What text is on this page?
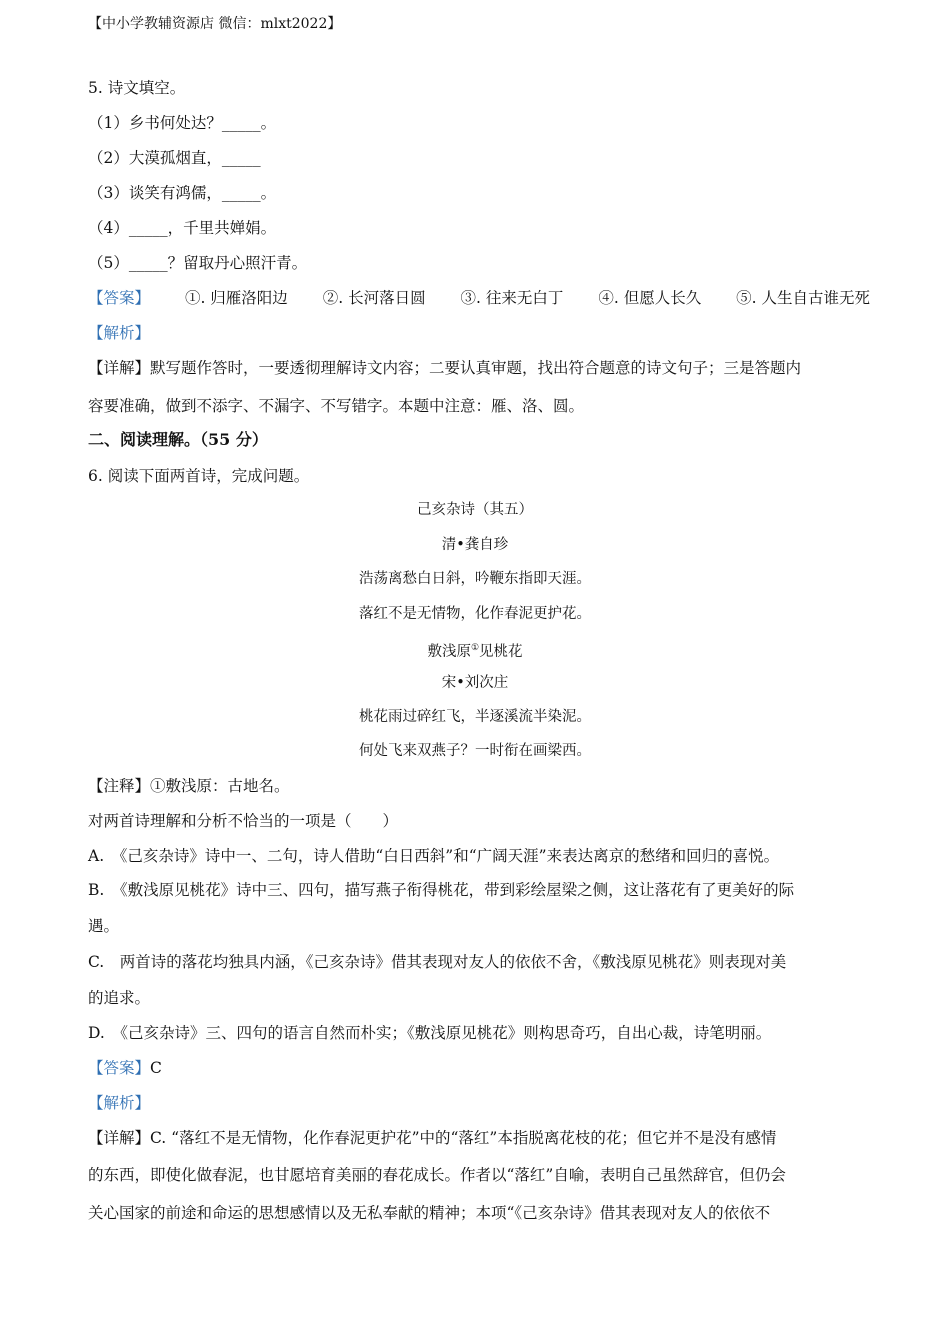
【中小学教辅资源店 微信：mlxt2022】
5. 诗文填空。
（1）乡书何处达？_____。
（2）大漠孤烟直，_____
（3）谈笑有鸿儒，_____。
（4）_____，千里共婵娟。
（5）_____？留取丹心照汗青。
【答案】 ①. 归雁洛阳边 ②. 长河落日圆 ③. 往来无白丁 ④. 但愿人长久 ⑤. 人生自古谁无死
【解析】
【详解】默写题作答时，一要透彻理解诗文内容；二要认真审题，找出符合题意的诗文句子；三是答题内
容要准确，做到不添字、不漏字、不写错字。本题中注意：雁、洛、圆。
二、阅读理解。（55 分）
6. 阅读下面两首诗，完成问题。
己亥杂诗（其五）
清•龚自珍
浩荡离愁白日斜，吟鞭东指即天涯。
落红不是无情物，化作春泥更护花。
敷浅原①见桃花
宋•刘次庄
桃花雨过碎红飞，半逐溪流半染泥。
何处飞来双燕子？一时衔在画梁西。
【注释】①敷浅原：古地名。
对两首诗理解和分析不恰当的一项是（　　）
A.　《己亥杂诗》诗中一、二句，诗人借助“白日西斜”和“广阔天涯”来表达离京的愁绪和回归的喜悦。
B.　《敷浅原见桃花》诗中三、四句，描写燕子衔得桃花，带到彩绘屋梁之侧，这让落花有了更美好的际
遇。
C.　两首诗的落花均独具内涵，《己亥杂诗》借其表现对友人的依依不舍，《敷浅原见桃花》则表现对美
的追求。
D.　《己亥杂诗》三、四句的语言自然而朴实；《敷浅原见桃花》则构思奇巧，自出心裁，诗笔明丽。
【答案】C
【解析】
【详解】C. “落红不是无情物，化作春泥更护花”中的“落红”本指脱离花枝的花；但它并不是没有感情
的东西，即使化做春泥，也甘愿培育美丽的春花成长。作者以“落红”自喻，表明自己虽然辞官，但仍会
关心国家的前途和命运的思想感情以及无私奉献的精神；本项“《己亥杂诗》借其表现对友人的依依不
